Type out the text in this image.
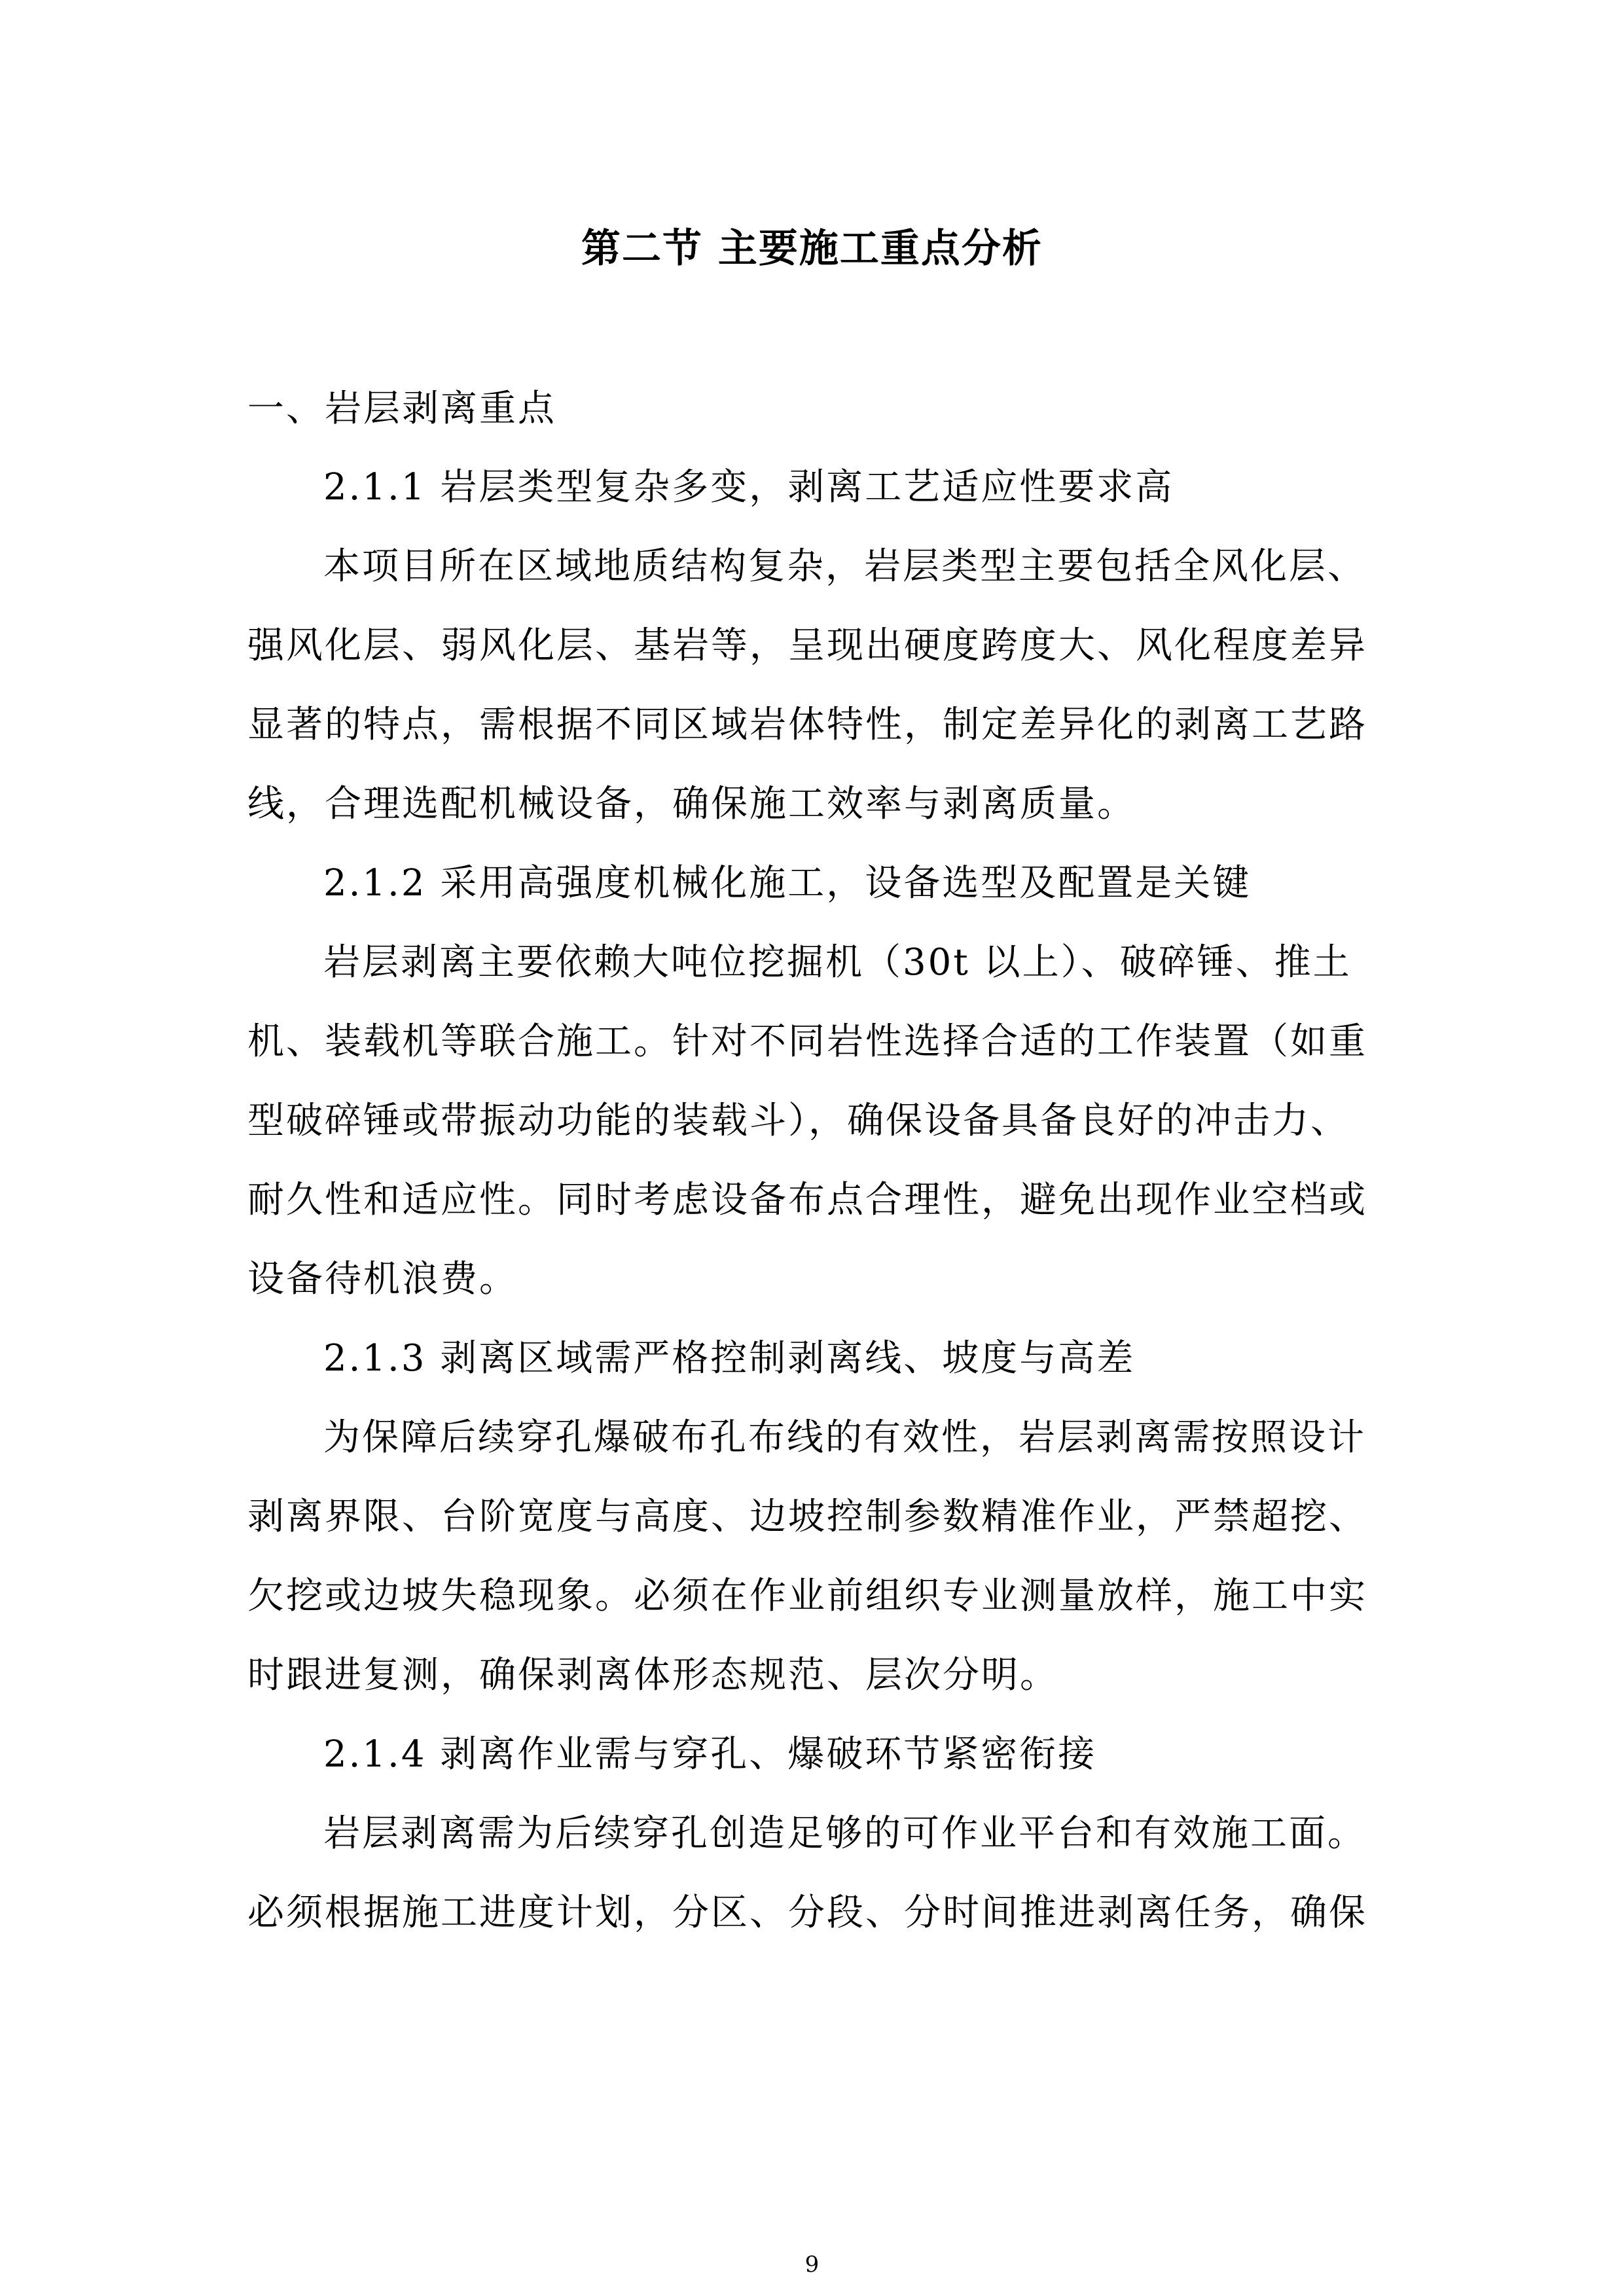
第二节 主要施工重点分析
一、岩层剥离重点
2.1.1 岩层类型复杂多变，剥离工艺适应性要求高
本项目所在区域地质结构复杂，岩层类型主要包括全风化层、
强风化层、弱风化层、基岩等，呈现出硬度跨度大、风化程度差异
显著的特点，需根据不同区域岩体特性，制定差异化的剥离工艺路
线，合理选配机械设备，确保施工效率与剥离质量。
2.1.2 采用高强度机械化施工，设备选型及配置是关键
岩层剥离主要依赖大吨位挖掘机（30t 以上）、破碎锤、推土
机、装载机等联合施工。针对不同岩性选择合适的工作装置（如重
型破碎锤或带振动功能的装载斗），确保设备具备良好的冲击力、
耐久性和适应性。同时考虑设备布点合理性，避免出现作业空档或
设备待机浪费。
2.1.3 剥离区域需严格控制剥离线、坡度与高差
为保障后续穿孔爆破布孔布线的有效性，岩层剥离需按照设计
剥离界限、台阶宽度与高度、边坡控制参数精准作业，严禁超挖、
欠挖或边坡失稳现象。必须在作业前组织专业测量放样，施工中实
时跟进复测，确保剥离体形态规范、层次分明。
2.1.4 剥离作业需与穿孔、爆破环节紧密衔接
岩层剥离需为后续穿孔创造足够的可作业平台和有效施工面。
必须根据施工进度计划，分区、分段、分时间推进剥离任务，确保
9
